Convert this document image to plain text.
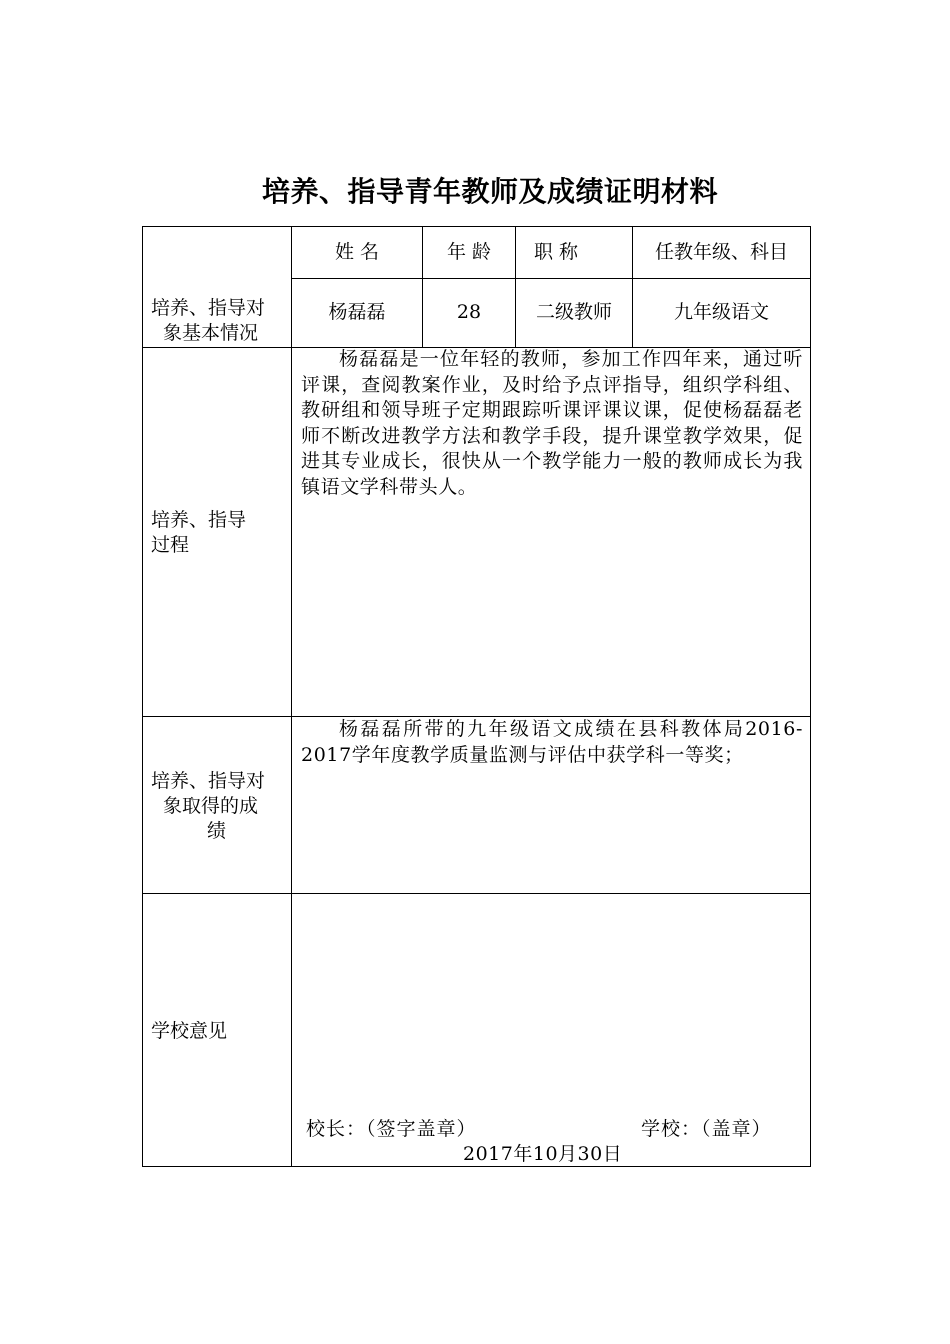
培养、指导青年教师及成绩证明材料
培养、指导对
象基本情况
姓 名	年 龄	职 称	任教年级、科目
杨磊磊	28	二级教师	九年级语文
培养、指导
过程
杨磊磊是一位年轻的教师，参加工作四年来，通过听评课，查阅教案作业，及时给予点评指导，组织学科组、教研组和领导班子定期跟踪听课评课议课，促使杨磊磊老师不断改进教学方法和教学手段，提升课堂教学效果，促进其专业成长，很快从一个教学能力一般的教师成长为我镇语文学科带头人。
培养、指导对
象取得的成
绩
杨磊磊所带的九年级语文成绩在县科教体局2016-2017学年度教学质量监测与评估中获学科一等奖；
学校意见
校长：（签字盖章）	学校：（盖章）
2017年10月30日
